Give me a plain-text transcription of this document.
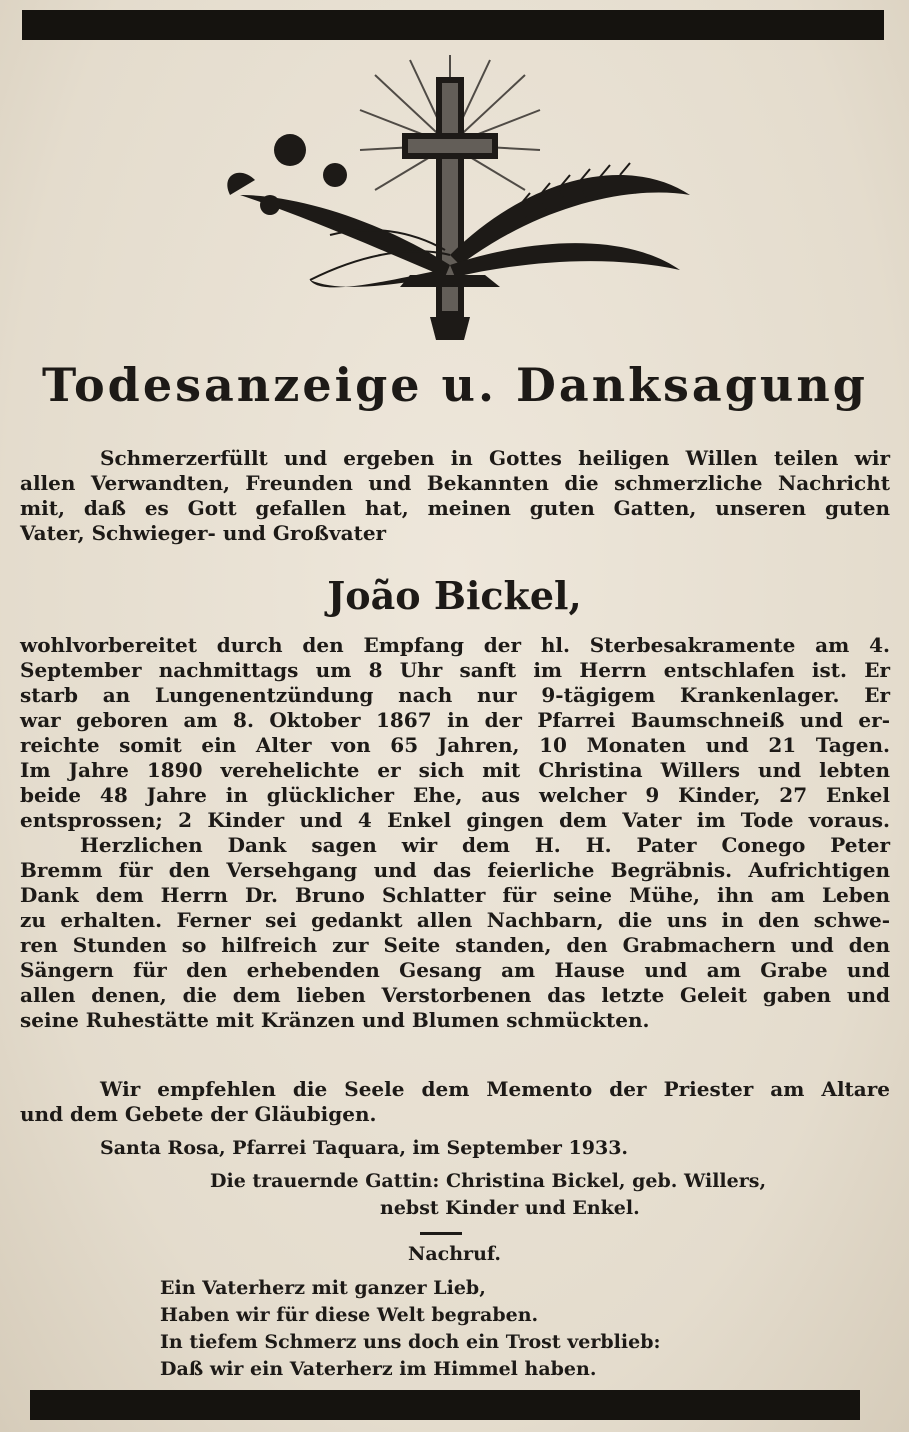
Todesanzeige u. Danksagung
Schmerzerfüllt und ergeben in Gottes heiligen Willen teilen wir
allen Verwandten, Freunden und Bekannten die schmerzliche Nachricht
mit, daß es Gott gefallen hat, meinen guten Gatten, unseren guten
Vater, Schwieger- und Großvater
João Bickel,
wohlvorbereitet durch den Empfang der hl. Sterbesakramente am 4.
September nachmittags um 8 Uhr sanft im Herrn entschlafen ist. Er
starb an Lungenentzündung nach nur 9-tägigem Krankenlager. Er
war geboren am 8. Oktober 1867 in der Pfarrei Baumschneiß und er-
reichte somit ein Alter von 65 Jahren, 10 Monaten und 21 Tagen.
Im Jahre 1890 verehelichte er sich mit Christina Willers und lebten
beide 48 Jahre in glücklicher Ehe, aus welcher 9 Kinder, 27 Enkel
entsprossen; 2 Kinder und 4 Enkel gingen dem Vater im Tode voraus.
Herzlichen Dank sagen wir dem H. H. Pater Conego Peter
Bremm für den Versehgang und das feierliche Begräbnis. Aufrichtigen
Dank dem Herrn Dr. Bruno Schlatter für seine Mühe, ihn am Leben
zu erhalten. Ferner sei gedankt allen Nachbarn, die uns in den schwe-
ren Stunden so hilfreich zur Seite standen, den Grabmachern und den
Sängern für den erhebenden Gesang am Hause und am Grabe und
allen denen, die dem lieben Verstorbenen das letzte Geleit gaben und
seine Ruhestätte mit Kränzen und Blumen schmückten.
Wir empfehlen die Seele dem Memento der Priester am Altare
und dem Gebete der Gläubigen.
Santa Rosa, Pfarrei Taquara, im September 1933.
Die trauernde Gattin: Christina Bickel, geb. Willers,
nebst Kinder und Enkel.
Nachruf.
Ein Vaterherz mit ganzer Lieb,
Haben wir für diese Welt begraben.
In tiefem Schmerz uns doch ein Trost verblieb:
Daß wir ein Vaterherz im Himmel haben.
